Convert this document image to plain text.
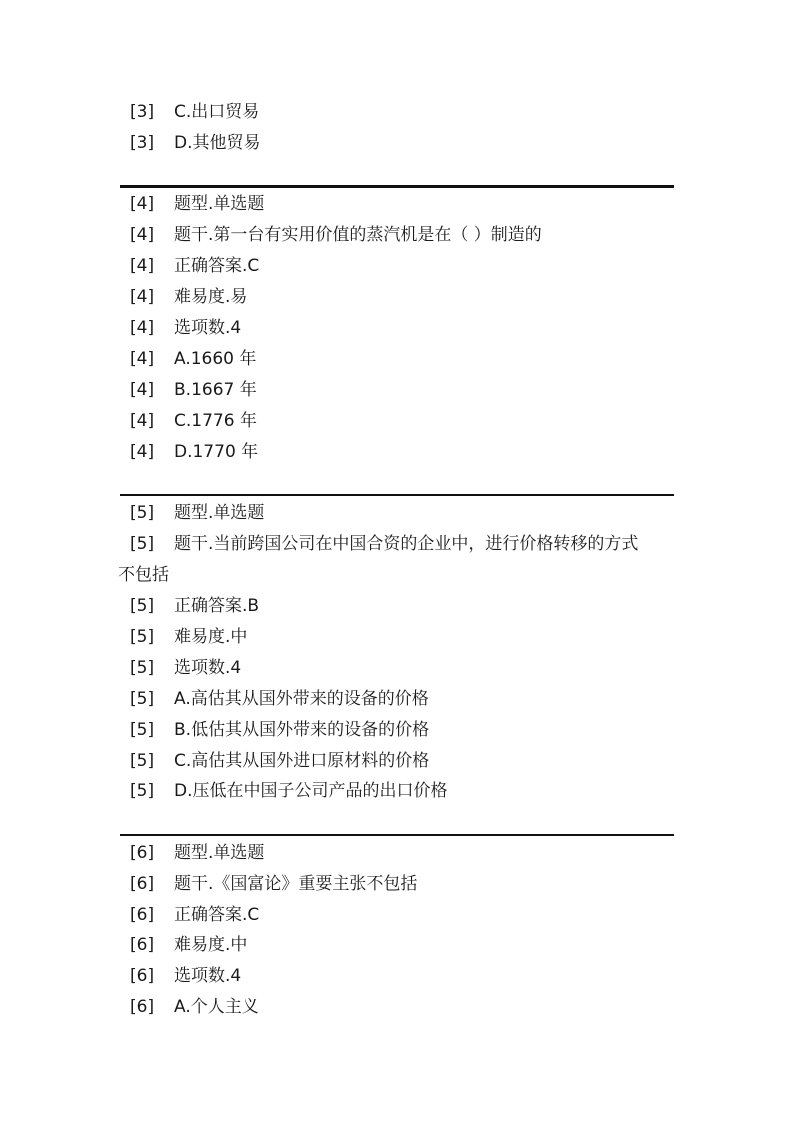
[3] C.出口贸易
[3] D.其他贸易
[4] 题型.单选题
[4] 题干.第一台有实用价值的蒸汽机是在（ ）制造的
[4] 正确答案.C
[4] 难易度.易
[4] 选项数.4
[4] A.1660 年
[4] B.1667 年
[4] C.1776 年
[4] D.1770 年
[5] 题型.单选题
[5] 题干.当前跨国公司在中国合资的企业中，进行价格转移的方式
不包括
[5] 正确答案.B
[5] 难易度.中
[5] 选项数.4
[5] A.高估其从国外带来的设备的价格
[5] B.低估其从国外带来的设备的价格
[5] C.高估其从国外进口原材料的价格
[5] D.压低在中国子公司产品的出口价格
[6] 题型.单选题
[6] 题干.《国富论》重要主张不包括
[6] 正确答案.C
[6] 难易度.中
[6] 选项数.4
[6] A.个人主义
